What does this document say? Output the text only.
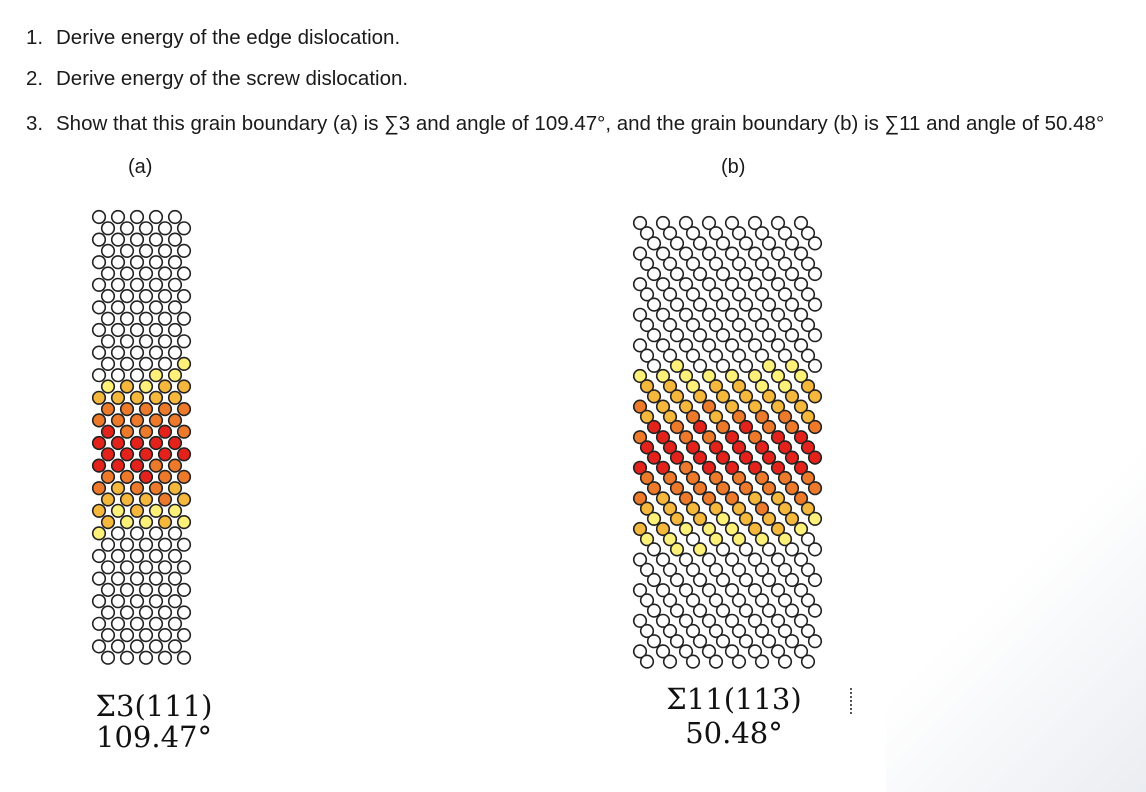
1. Derive energy of the edge dislocation.
2. Derive energy of the screw dislocation.
3. Show that this grain boundary (a) is ∑3 and angle of 109.47°, and the grain boundary (b) is ∑11 and angle of 50.48°
(a)	(b)
Σ3(111)
109.47°
Σ11(113)
50.48°
